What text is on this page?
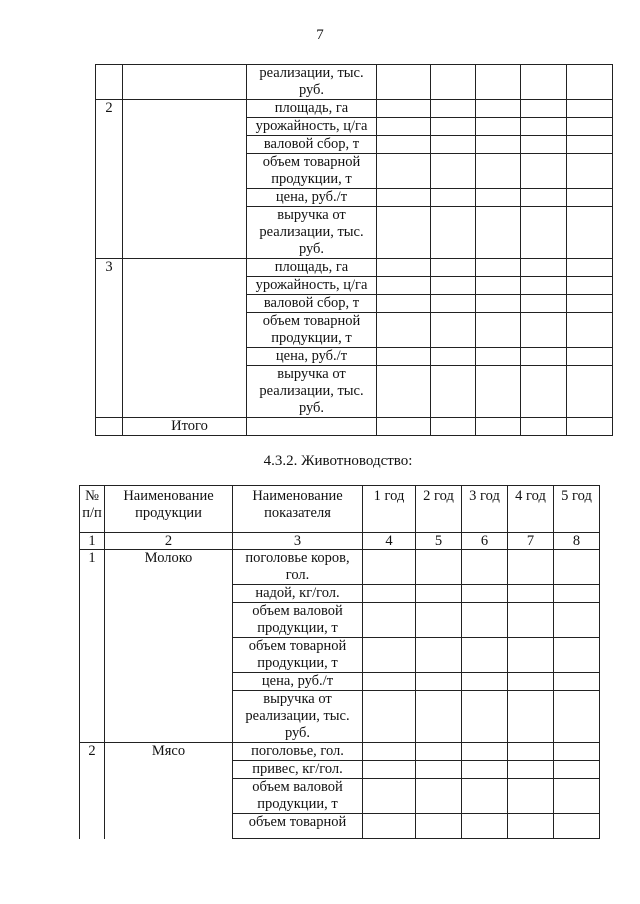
7
		реализации, тыс. руб.					
2		площадь, га					
		урожайность, ц/га					
		валовой сбор, т					
		объем товарной продукции, т					
		цена, руб./т					
		выручка от реализации, тыс. руб.					
3		площадь, га					
		урожайность, ц/га					
		валовой сбор, т					
		объем товарной продукции, т					
		цена, руб./т					
		выручка от реализации, тыс. руб.					
	Итого						
4.3.2. Животноводство:
№ п/п	Наименование продукции	Наименование показателя	1 год	2 год	3 год	4 год	5 год
1	2	3	4	5	6	7	8
1	Молоко	поголовье коров, гол.					
		надой, кг/гол.					
		объем валовой продукции, т					
		объем товарной продукции, т					
		цена, руб./т					
		выручка от реализации, тыс. руб.					
2	Мясо	поголовье, гол.					
		привес, кг/гол.					
		объем валовой продукции, т					
		объем товарной					
